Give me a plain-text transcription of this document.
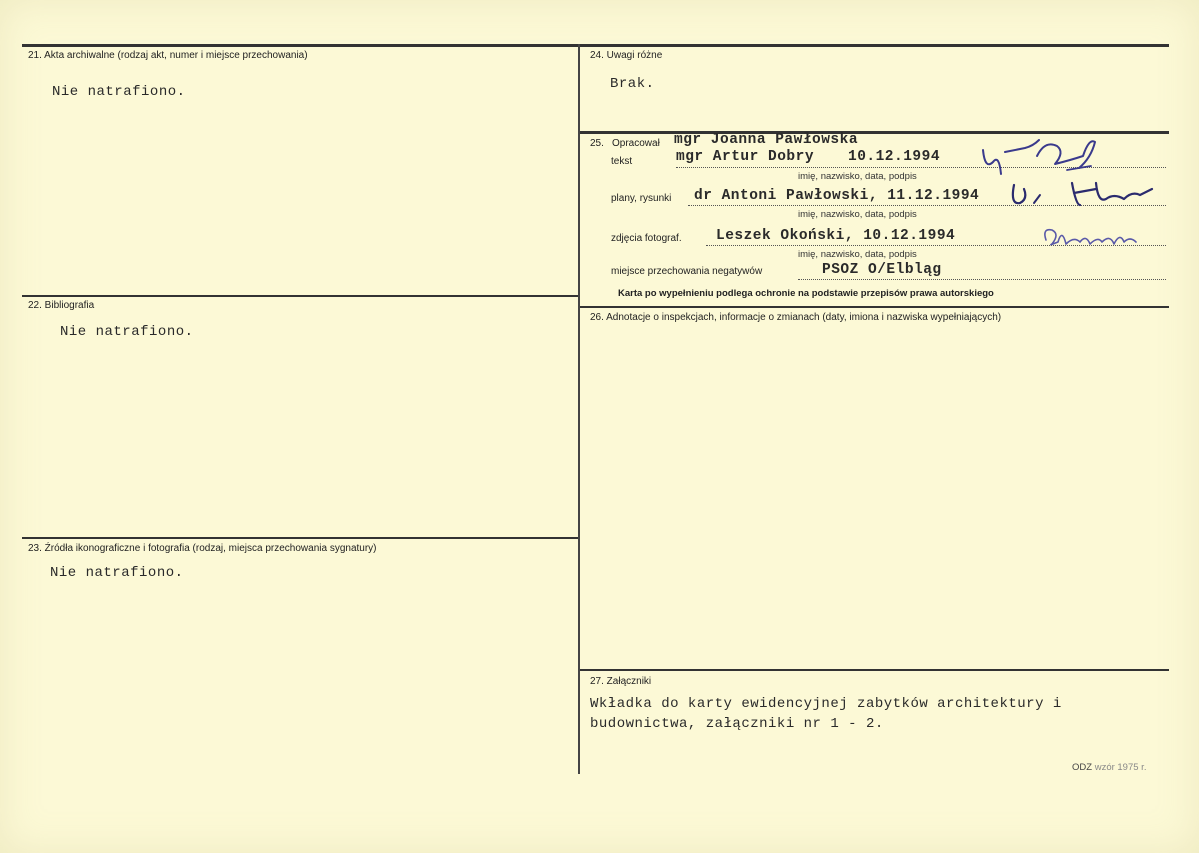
21. Akta archiwalne (rodzaj akt, numer i miejsce przechowania)
Nie natrafiono.
22. Bibliografia
Nie natrafiono.
23. Źródła ikonograficzne i fotografia (rodzaj, miejsca przechowania sygnatury)
Nie natrafiono.
24. Uwagi różne
Brak.
25. Opracował
tekst
mgr Joanna Pawłowska
mgr Artur Dobry 10.12.1994
imię, nazwisko, data, podpis
plany, rysunki dr Antoni Pawłowski, 11.12.1994
imię, nazwisko, data, podpis
zdjęcia fotograf. Leszek Okoński, 10.12.1994
imię, nazwisko, data, podpis
miejsce przechowania negatywów	PSOZ O/Elbląg
Karta po wypełnieniu podlega ochronie na podstawie przepisów prawa autorskiego
26. Adnotacje o inspekcjach, informacje o zmianach (daty, imiona i nazwiska wypełniających)
27. Załączniki
Wkładka do karty ewidencyjnej zabytków architektury i
budownictwa, załączniki nr 1 - 2.
ODZ wzór 1975 r.
